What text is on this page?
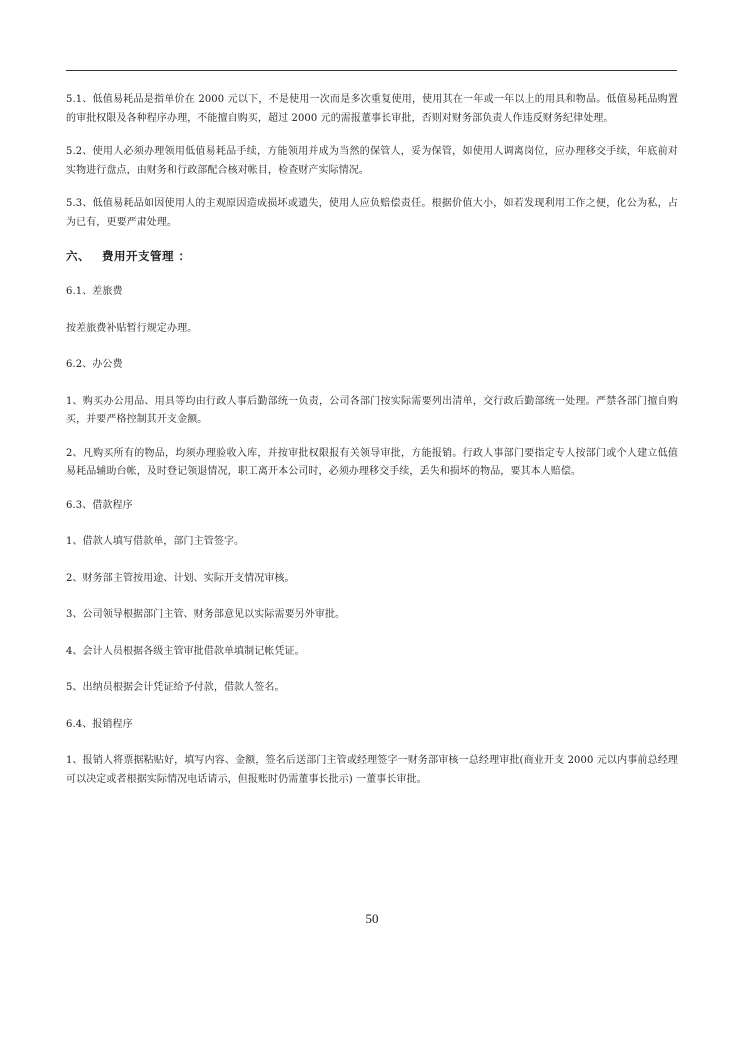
5.1、低值易耗品是指单价在 2000 元以下，不是使用一次而是多次重复使用，使用其在一年或一年以上的用具和物品。低值易耗品购置的审批权限及各种程序办理，不能擅自购买，超过 2000 元的需报董事长审批，否则对财务部负责人作违反财务纪律处理。

5.2、使用人必须办理领用低值易耗品手续，方能领用并成为当然的保管人，妥为保管，如使用人调离岗位，应办理移交手续，年底前对实物进行盘点，由财务和行政部配合核对帐目，检查财产实际情况。

5.3、低值易耗品如因使用人的主观原因造成损坏或遗失，使用人应负赔偿责任。根据价值大小，如若发现利用工作之便，化公为私，占为已有，更要严肃处理。

六、 费用开支管理 ：

6.1、差旅费

按差旅费补贴暂行规定办理。

6.2、办公费

1、购买办公用品、用具等均由行政人事后勤部统一负责，公司各部门按实际需要列出清单，交行政后勤部统一处理。严禁各部门擅自购买，并要严格控制其开支金额。

2、凡购买所有的物品，均须办理验收入库，并按审批权限报有关领导审批，方能报销。行政人事部门要指定专人按部门或个人建立低值易耗品辅助台帐，及时登记领退情况，职工离开本公司时，必须办理移交手续，丢失和损坏的物品，要其本人赔偿。

6.3、借款程序

1、借款人填写借款单，部门主管签字。

2、财务部主管按用途、计划、实际开支情况审核。

3、公司领导根据部门主管、财务部意见以实际需要另外审批。

4、会计人员根据各级主管审批借款单填制记帐凭证。

5、出纳员根据会计凭证给予付款，借款人签名。

6.4、报销程序

1、报销人将票据粘贴好，填写内容、金额，签名后送部门主管或经理签字一财务部审核一总经理审批(商业开支 2000 元以内事前总经理可以决定或者根据实际情况电话请示，但报账时仍需董事长批示) 一董事长审批。

50
